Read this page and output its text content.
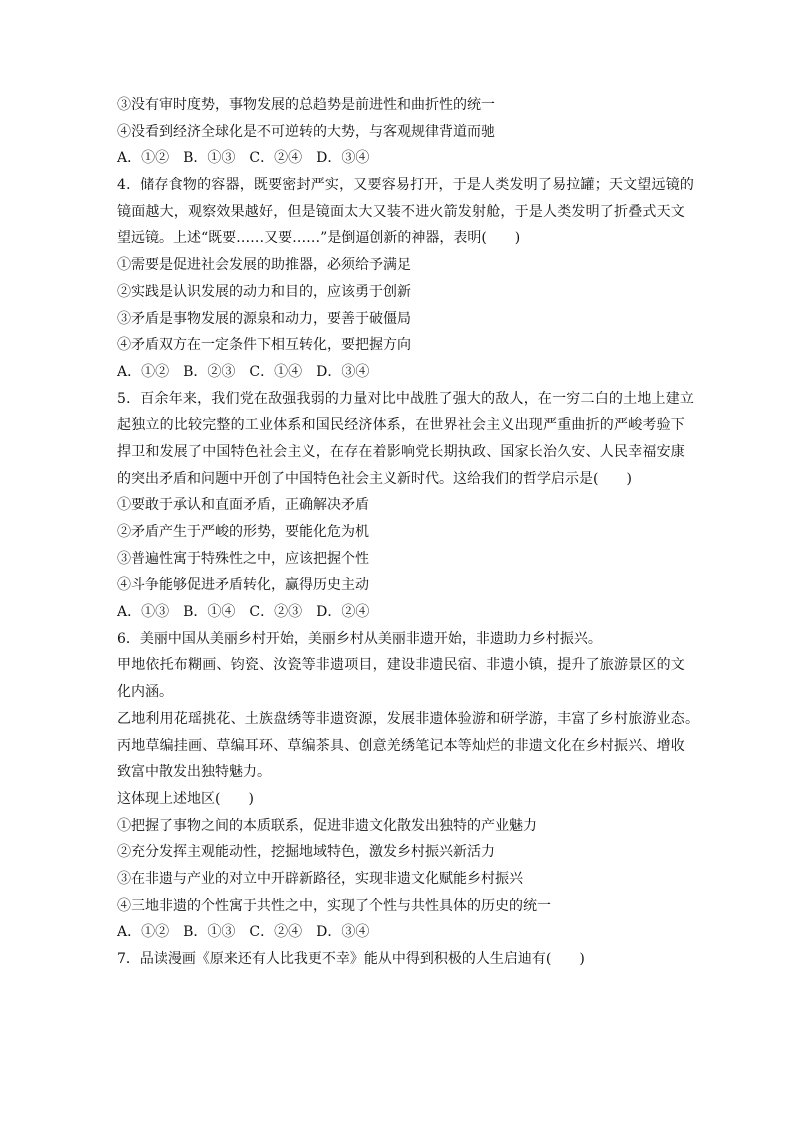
③没有审时度势，事物发展的总趋势是前进性和曲折性的统一
④没看到经济全球化是不可逆转的大势，与客观规律背道而驰
A．①②　B．①③　C．②④　D．③④
4．储存食物的容器，既要密封严实，又要容易打开，于是人类发明了易拉罐；天文望远镜的
镜面越大，观察效果越好，但是镜面太大又装不进火箭发射舱，于是人类发明了折叠式天文
望远镜。上述“既要……又要……”是倒逼创新的神器，表明(　　)
①需要是促进社会发展的助推器，必须给予满足
②实践是认识发展的动力和目的，应该勇于创新
③矛盾是事物发展的源泉和动力，要善于破僵局
④矛盾双方在一定条件下相互转化，要把握方向
A．①②　B．②③　C．①④　D．③④
5．百余年来，我们党在敌强我弱的力量对比中战胜了强大的敌人，在一穷二白的土地上建立
起独立的比较完整的工业体系和国民经济体系，在世界社会主义出现严重曲折的严峻考验下
捍卫和发展了中国特色社会主义，在存在着影响党长期执政、国家长治久安、人民幸福安康
的突出矛盾和问题中开创了中国特色社会主义新时代。这给我们的哲学启示是(　　)
①要敢于承认和直面矛盾，正确解决矛盾
②矛盾产生于严峻的形势，要能化危为机
③普遍性寓于特殊性之中，应该把握个性
④斗争能够促进矛盾转化，赢得历史主动
A．①③　B．①④　C．②③　D．②④
6．美丽中国从美丽乡村开始，美丽乡村从美丽非遗开始，非遗助力乡村振兴。
甲地依托布糊画、钧瓷、汝瓷等非遗项目，建设非遗民宿、非遗小镇，提升了旅游景区的文
化内涵。
乙地利用花瑶挑花、土族盘绣等非遗资源，发展非遗体验游和研学游，丰富了乡村旅游业态。
丙地草编挂画、草编耳环、草编茶具、创意羌绣笔记本等灿烂的非遗文化在乡村振兴、增收
致富中散发出独特魅力。
这体现上述地区(　　)
①把握了事物之间的本质联系，促进非遗文化散发出独特的产业魅力
②充分发挥主观能动性，挖掘地域特色，激发乡村振兴新活力
③在非遗与产业的对立中开辟新路径，实现非遗文化赋能乡村振兴
④三地非遗的个性寓于共性之中，实现了个性与共性具体的历史的统一
A．①②　B．①③　C．②④　D．③④
7．品读漫画《原来还有人比我更不幸》能从中得到积极的人生启迪有(　　)
